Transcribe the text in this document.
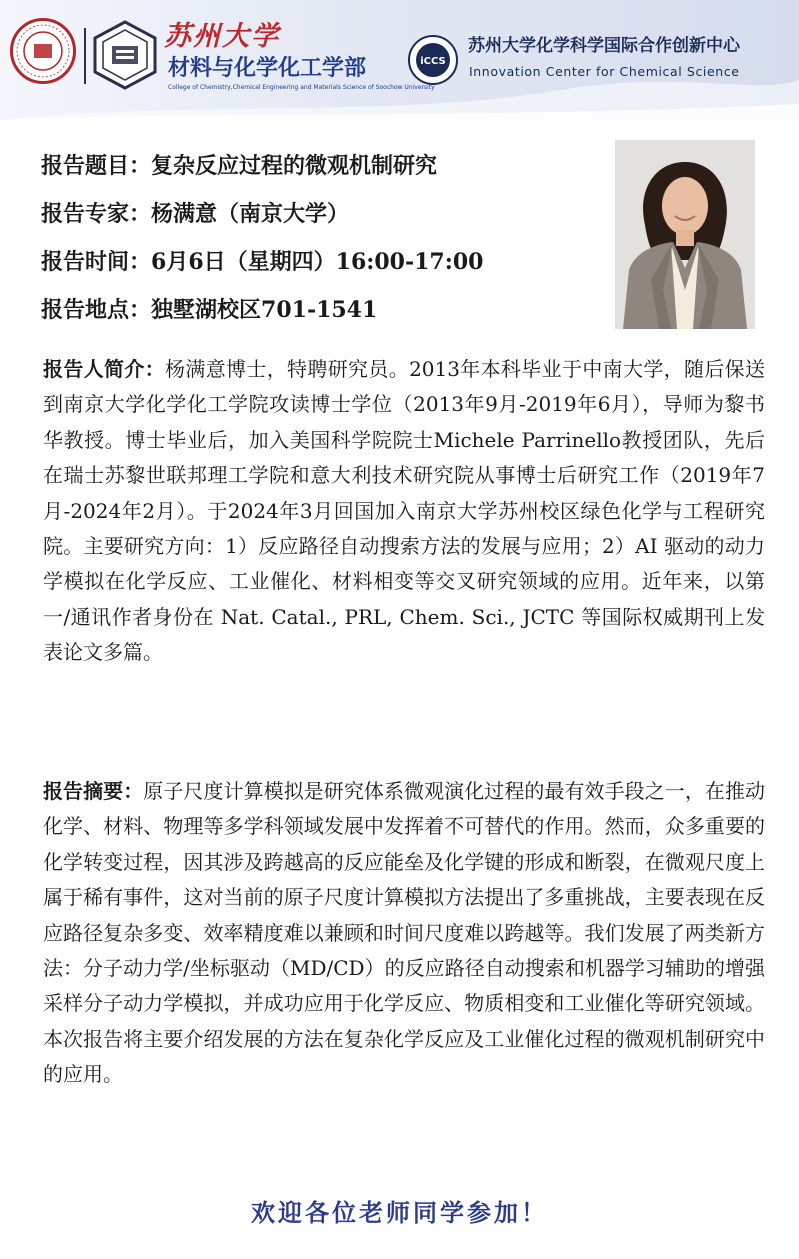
苏州大学
材料与化学化工学部
College of Chemistry,Chemical Engineering and Materials Science of Soochow University
iCCS
苏州大学化学科学国际合作创新中心
Innovation Center for Chemical Science
报告题目：复杂反应过程的微观机制研究
报告专家：杨满意（南京大学）
报告时间：6月6日（星期四）16:00-17:00
报告地点：独墅湖校区701-1541
报告人简介：杨满意博士，特聘研究员。2013年本科毕业于中南大学，随后保送到南京大学化学化工学院攻读博士学位（2013年9月-2019年6月），导师为黎书华教授。博士毕业后，加入美国科学院院士Michele Parrinello教授团队，先后在瑞士苏黎世联邦理工学院和意大利技术研究院从事博士后研究工作（2019年7月-2024年2月）。于2024年3月回国加入南京大学苏州校区绿色化学与工程研究院。主要研究方向：1）反应路径自动搜索方法的发展与应用；2）AI 驱动的动力学模拟在化学反应、工业催化、材料相变等交叉研究领域的应用。近年来，以第一/通讯作者身份在 Nat. Catal., PRL, Chem. Sci., JCTC 等国际权威期刊上发表论文多篇。
报告摘要：原子尺度计算模拟是研究体系微观演化过程的最有效手段之一，在推动化学、材料、物理等多学科领域发展中发挥着不可替代的作用。然而，众多重要的化学转变过程，因其涉及跨越高的反应能垒及化学键的形成和断裂，在微观尺度上属于稀有事件，这对当前的原子尺度计算模拟方法提出了多重挑战，主要表现在反应路径复杂多变、效率精度难以兼顾和时间尺度难以跨越等。我们发展了两类新方法：分子动力学/坐标驱动（MD/CD）的反应路径自动搜索和机器学习辅助的增强采样分子动力学模拟，并成功应用于化学反应、物质相变和工业催化等研究领域。本次报告将主要介绍发展的方法在复杂化学反应及工业催化过程的微观机制研究中的应用。
欢迎各位老师同学参加！
